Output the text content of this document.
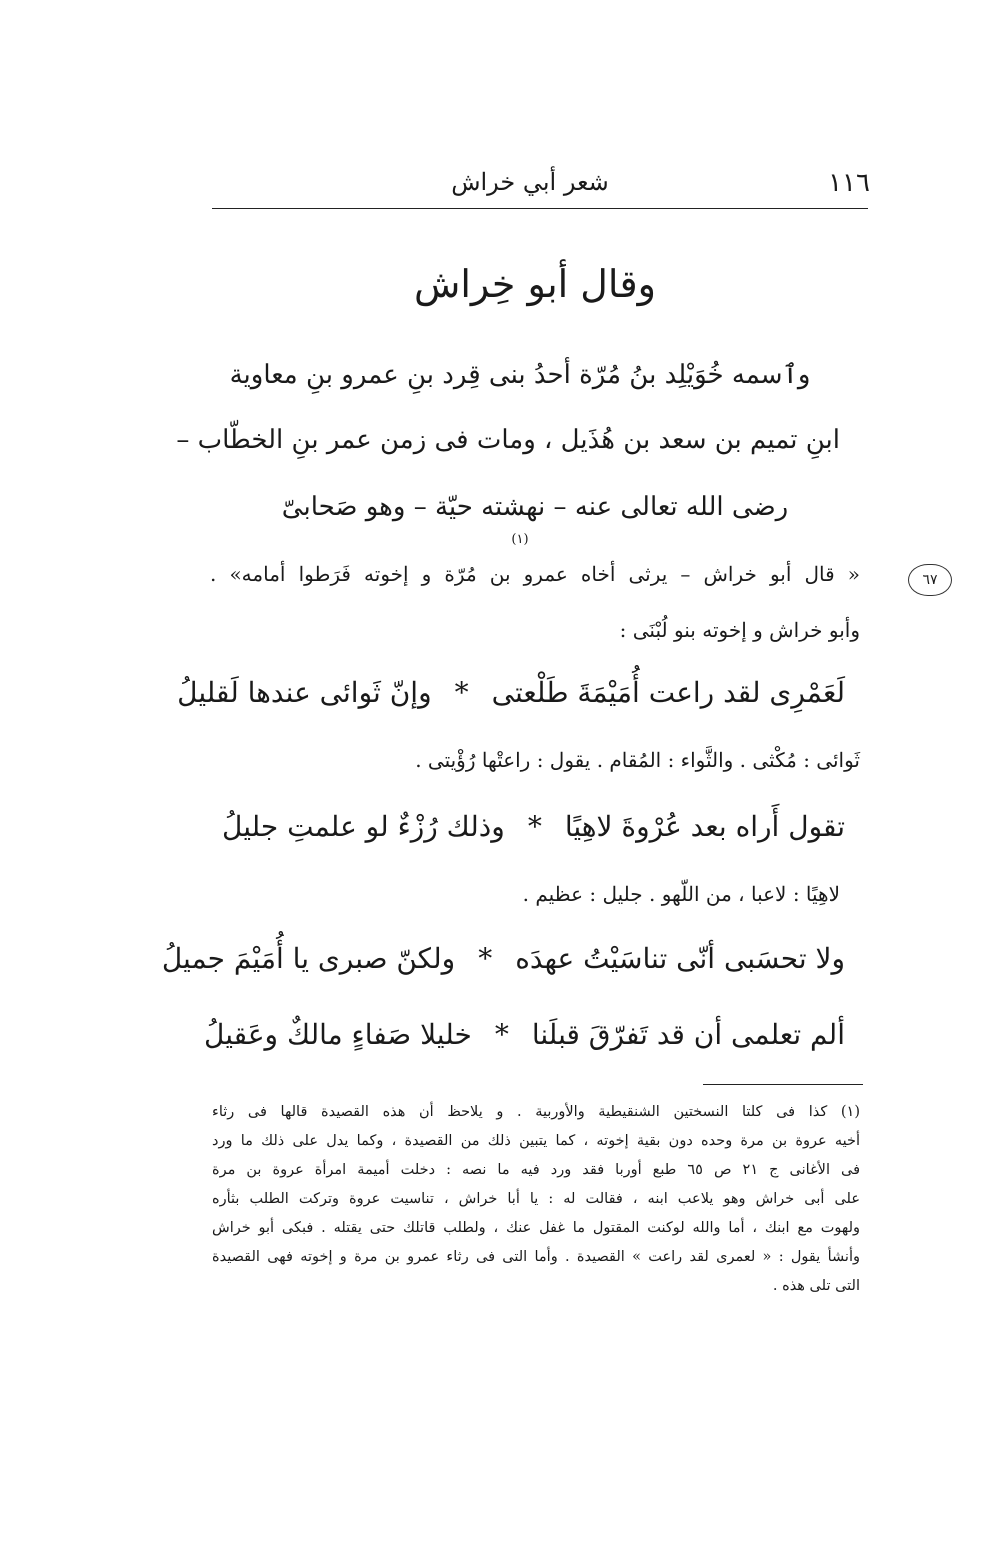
١١٦
شعر أبي خراش
وقال أبو خِراش
وٱسمه خُوَيْلِد بنُ مُرّة أحدُ بنى قِرد بنِ عمرو بنِ معاوية
ابنِ تميم بن سعد بن هُذَيل ، ومات فى زمن عمر بنِ الخطّاب –
رضى الله تعالى عنه – نهشته حيّة – وهو صَحابىّ
(١)
« قال أبو خراش – يرثى أخاه عمرو بن مُرّة و إخوته فَرَطوا أمامه» .	٦٧
وأبو خراش و إخوته بنو لُبْنَى :
لَعَمْرِى لقد راعت أُمَيْمَةَ طَلْعتى
*
وإنّ ثَوائى عندها لَقليلُ
ثَوائى : مُكْثى . والثَّواء : المُقام . يقول : راعتْها رُؤْيتى .
تقول أَراه بعد عُرْوةَ لاهِيًا
*
وذلك رُزْءٌ لو علمتِ جليلُ
لاهِيًا : لاعبا ، من اللّهو . جليل : عظيم .
ولا تحسَبى أنّى تناسَيْتُ عهدَه
*
ولكنّ صبرى يا أُمَيْمَ جميلُ
ألم تعلمى أن قد تَفرّقَ قبلَنا
*
خليلا صَفاءٍ مالكٌ وعَقيلُ
(١) كذا فى كلتا النسختين الشنقيطية والأوربية . و يلاحظ أن هذه القصيدة قالها فى رثاء
أخيه عروة بن مرة وحده دون بقية إخوته ، كما يتبين ذلك من القصيدة ، وكما يدل على ذلك ما ورد
فى الأغانى ج ٢١ ص ٦٥ طبع أوربا فقد ورد فيه ما نصه : دخلت أميمة امرأة عروة بن مرة
على أبى خراش وهو يلاعب ابنه ، فقالت له : يا أبا خراش ، تناسيت عروة وتركت الطلب بثأره
ولهوت مع ابنك ، أما والله لوكنت المقتول ما غفل عنك ، ولطلب قاتلك حتى يقتله . فبكى أبو خراش
وأنشأ يقول : « لعمرى لقد راعت » القصيدة . وأما التى فى رثاء عمرو بن مرة و إخوته فهى القصيدة
التى تلى هذه .
